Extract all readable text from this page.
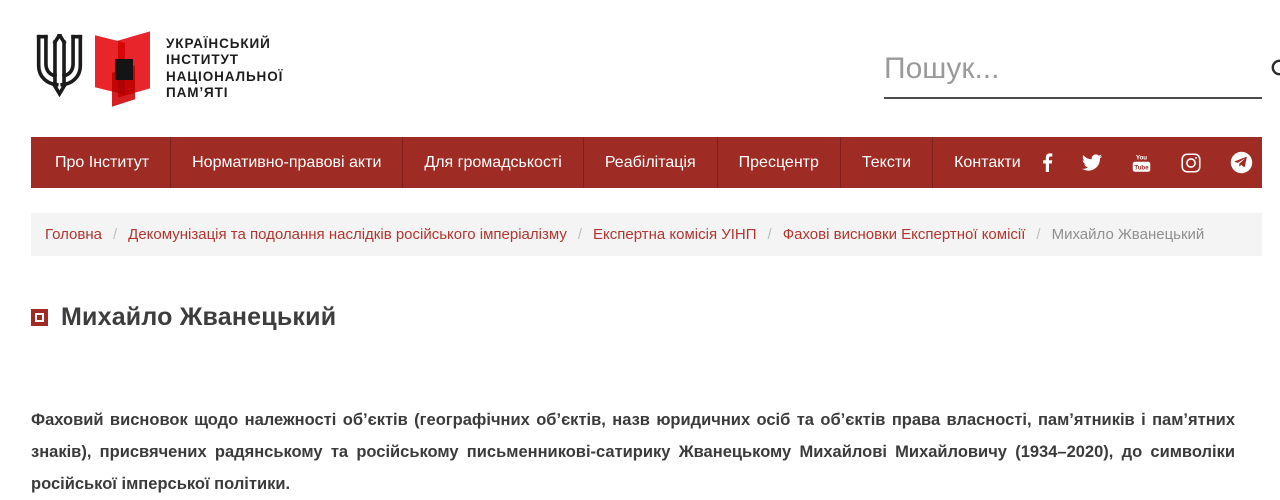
УКРАЇНСЬКИЙ
ІНСТИТУТ
НАЦІОНАЛЬНОЇ
ПАМʼЯТІ
Пошук...
Про Інститут	Нормативно-правові акти	Для громадськості	Реабілітація	Пресцентр	Тексти	Контакти	You
Tube
Головна / Декомунізація та подолання наслідків російського імперіалізму / Експертна комісія УІНП / Фахові висновки Експертної комісії / Михайло Жванецький
Михайло Жванецький

Фаховий висновок щодо належності обʼєктів (географічних обʼєктів, назв юридичних осіб та обʼєктів права власності, памʼятників і памʼятних знаків), присвячених радянському та російському письменникові-сатирику Жванецькому Михайлові Михайловичу (1934–2020), до символіки російської імперської політики.
